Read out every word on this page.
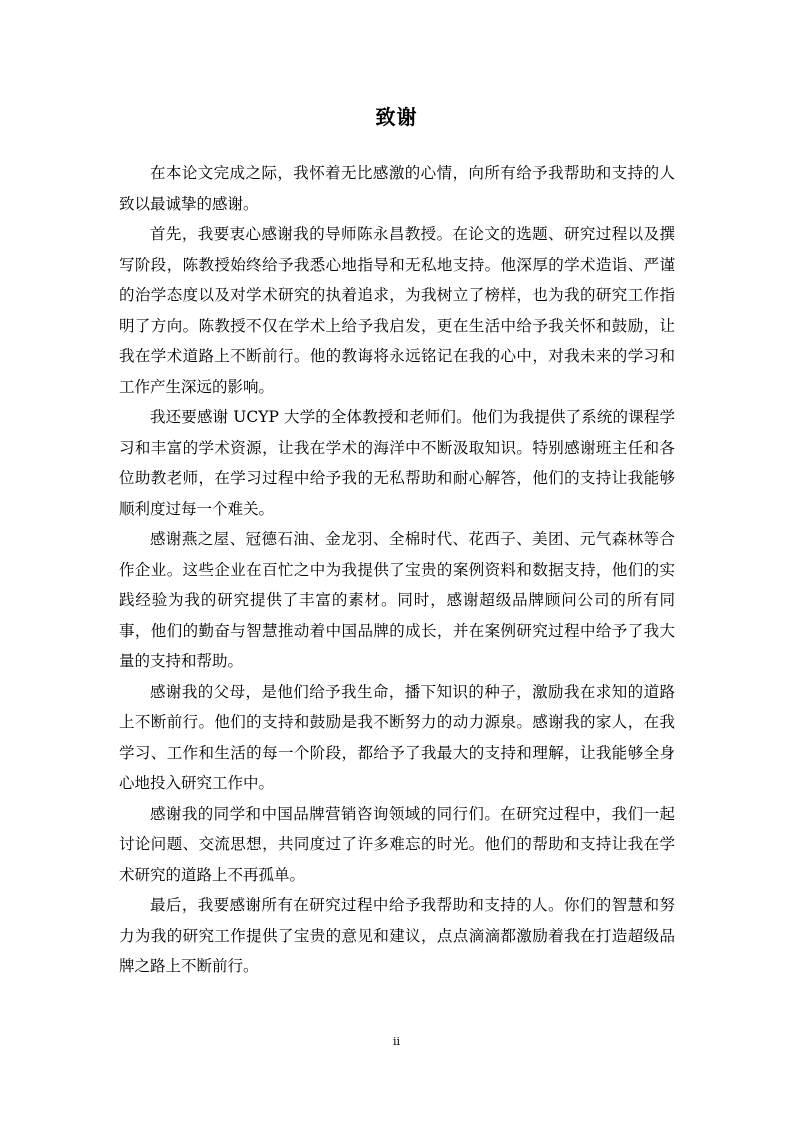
致谢

在本论文完成之际，我怀着无比感激的心情，向所有给予我帮助和支持的人致以最诚挚的感谢。

首先，我要衷心感谢我的导师陈永昌教授。在论文的选题、研究过程以及撰写阶段，陈教授始终给予我悉心地指导和无私地支持。他深厚的学术造诣、严谨的治学态度以及对学术研究的执着追求，为我树立了榜样，也为我的研究工作指明了方向。陈教授不仅在学术上给予我启发，更在生活中给予我关怀和鼓励，让我在学术道路上不断前行。他的教诲将永远铭记在我的心中，对我未来的学习和工作产生深远的影响。

我还要感谢 UCYP 大学的全体教授和老师们。他们为我提供了系统的课程学习和丰富的学术资源，让我在学术的海洋中不断汲取知识。特别感谢班主任和各位助教老师，在学习过程中给予我的无私帮助和耐心解答，他们的支持让我能够顺利度过每一个难关。

感谢燕之屋、冠德石油、金龙羽、全棉时代、花西子、美团、元气森林等合作企业。这些企业在百忙之中为我提供了宝贵的案例资料和数据支持，他们的实践经验为我的研究提供了丰富的素材。同时，感谢超级品牌顾问公司的所有同事，他们的勤奋与智慧推动着中国品牌的成长，并在案例研究过程中给予了我大量的支持和帮助。

感谢我的父母，是他们给予我生命，播下知识的种子，激励我在求知的道路上不断前行。他们的支持和鼓励是我不断努力的动力源泉。感谢我的家人，在我学习、工作和生活的每一个阶段，都给予了我最大的支持和理解，让我能够全身心地投入研究工作中。

感谢我的同学和中国品牌营销咨询领域的同行们。在研究过程中，我们一起讨论问题、交流思想，共同度过了许多难忘的时光。他们的帮助和支持让我在学术研究的道路上不再孤单。

最后，我要感谢所有在研究过程中给予我帮助和支持的人。你们的智慧和努力为我的研究工作提供了宝贵的意见和建议，点点滴滴都激励着我在打造超级品牌之路上不断前行。

ii
